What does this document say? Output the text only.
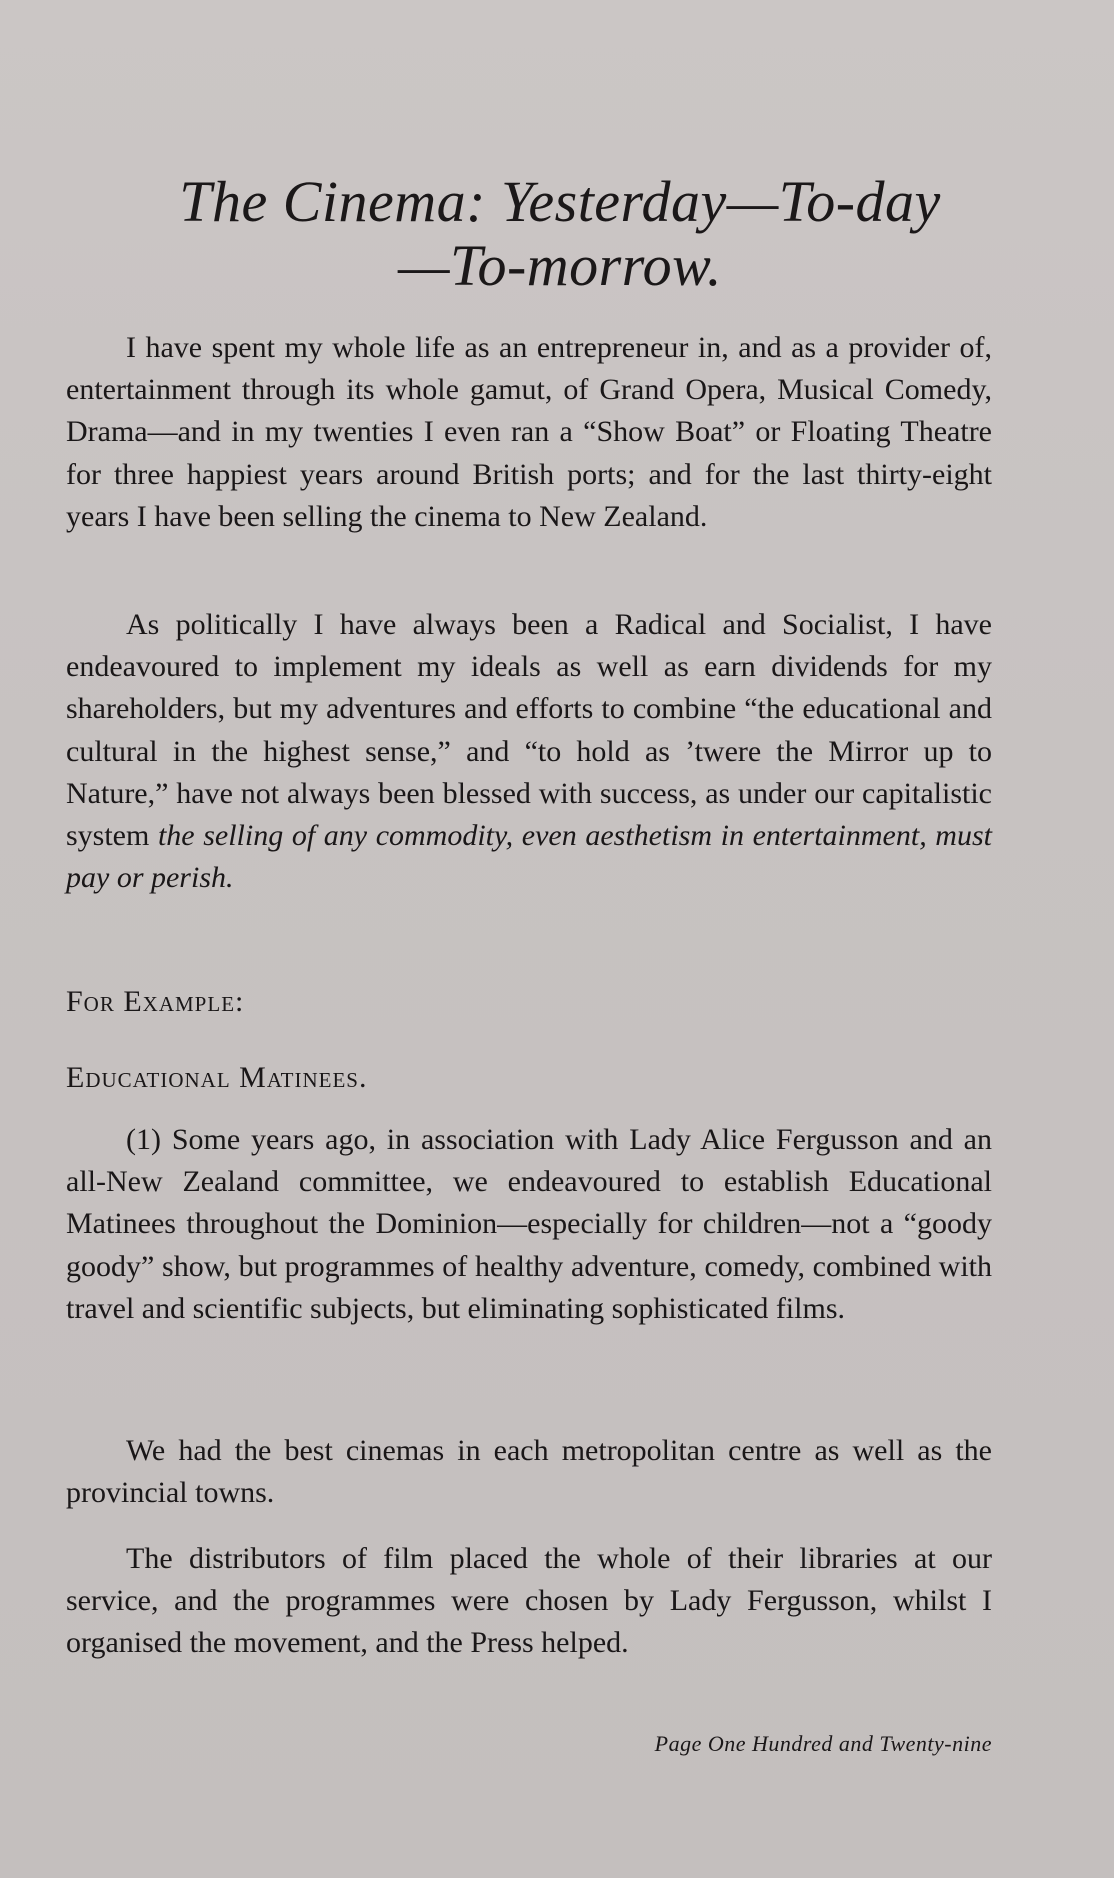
The Cinema: Yesterday—To-day
—To-morrow.

I have spent my whole life as an entrepreneur in, and as a provider of, entertainment through its whole gamut, of Grand Opera, Musical Comedy, Drama—and in my twenties I even ran a “Show Boat” or Floating Theatre for three happiest years around British ports; and for the last thirty-eight years I have been selling the cinema to New Zealand.

As politically I have always been a Radical and Socialist, I have endeavoured to implement my ideals as well as earn dividends for my shareholders, but my adventures and efforts to combine “the educational and cultural in the highest sense,” and “to hold as ’twere the Mirror up to Nature,” have not always been blessed with success, as under our capitalistic system the selling of any commodity, even aesthetism in entertainment, must pay or perish.

For Example:
Educational Matinees.

(1) Some years ago, in association with Lady Alice Fergusson and an all-New Zealand committee, we endeavoured to establish Educational Matinees throughout the Dominion—especially for children—not a “goody goody” show, but programmes of healthy adventure, comedy, combined with travel and scientific subjects, but eliminating sophisticated films.

We had the best cinemas in each metropolitan centre as well as the provincial towns.

The distributors of film placed the whole of their libraries at our service, and the programmes were chosen by Lady Fergusson, whilst I organised the movement, and the Press helped.

Page One Hundred and Twenty-nine
